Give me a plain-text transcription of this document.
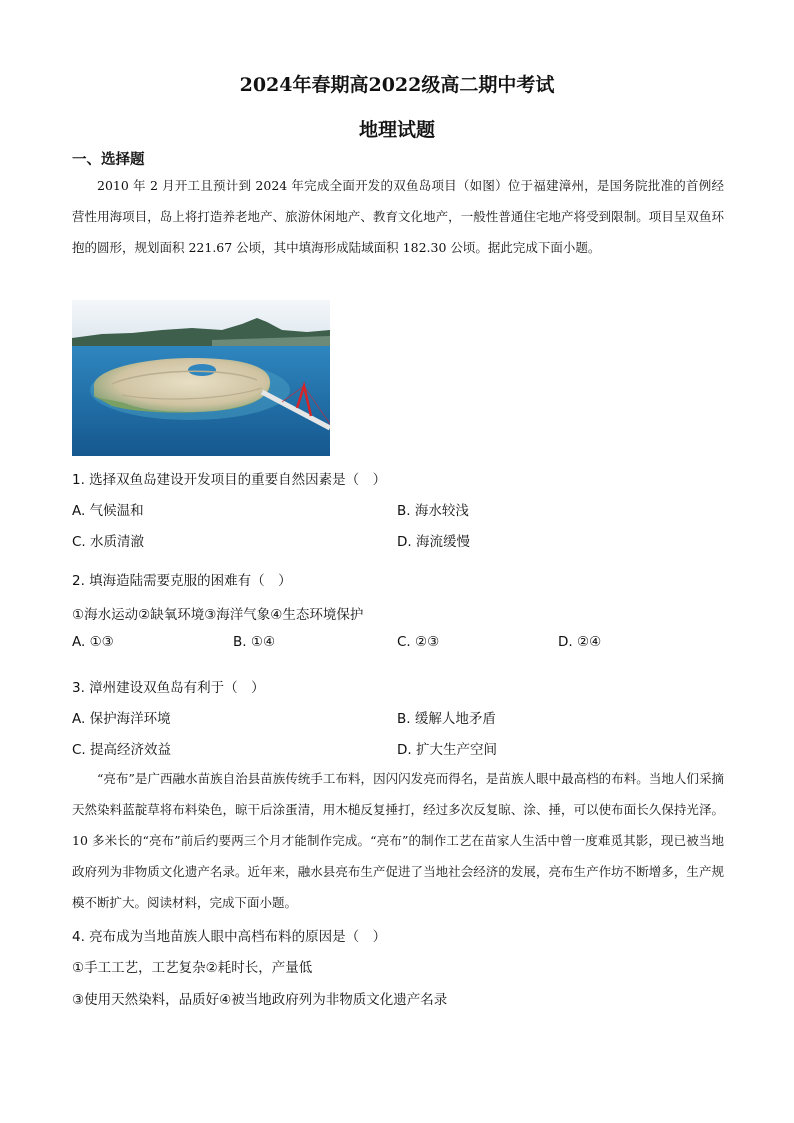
2024年春期高2022级高二期中考试
地理试题
一、选择题

2010 年 2 月开工且预计到 2024 年完成全面开发的双鱼岛项目（如图）位于福建漳州，是国务院批准的首例经营性用海项目，岛上将打造养老地产、旅游休闲地产、教育文化地产，一般性普通住宅地产将受到限制。项目呈双鱼环抱的圆形，规划面积 221.67 公顷，其中填海形成陆域面积 182.30 公顷。据此完成下面小题。

1. 选择双鱼岛建设开发项目的重要自然因素是（　）
A. 气候温和	B. 海水较浅
C. 水质清澈	D. 海流缓慢
2. 填海造陆需要克服的困难有（　）
①海水运动②缺氧环境③海洋气象④生态环境保护
A. ①③	B. ①④	C. ②③	D. ②④
3. 漳州建设双鱼岛有利于（　）
A. 保护海洋环境	B. 缓解人地矛盾
C. 提高经济效益	D. 扩大生产空间

“亮布”是广西融水苗族自治县苗族传统手工布料，因闪闪发亮而得名，是苗族人眼中最高档的布料。当地人们采摘天然染料蓝靛草将布料染色，晾干后涂蛋清，用木槌反复捶打，经过多次反复晾、涂、捶，可以使布面长久保持光泽。10 多米长的“亮布”前后约要两三个月才能制作完成。“亮布”的制作工艺在苗家人生活中曾一度难觅其影，现已被当地政府列为非物质文化遗产名录。近年来，融水县亮布生产促进了当地社会经济的发展，亮布生产作坊不断增多，生产规模不断扩大。阅读材料，完成下面小题。

4. 亮布成为当地苗族人眼中高档布料的原因是（　）
①手工工艺，工艺复杂②耗时长，产量低
③使用天然染料，品质好④被当地政府列为非物质文化遗产名录
